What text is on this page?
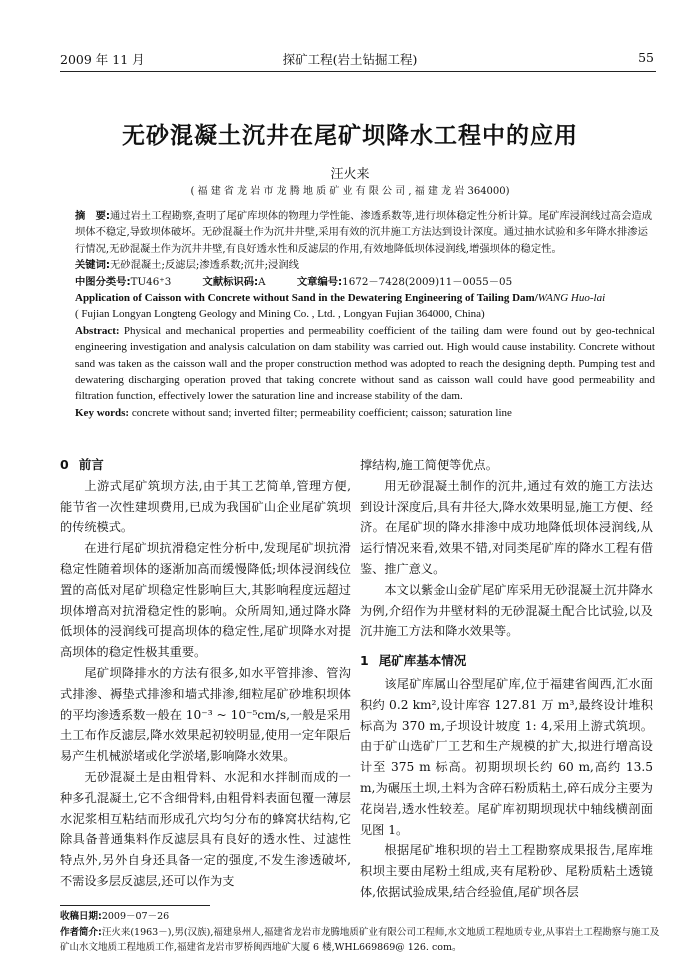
2009 年 11 月	探矿工程(岩土钻掘工程)	55
无砂混凝土沉井在尾矿坝降水工程中的应用
汪火来
( 福 建 省 龙 岩 市 龙 腾 地 质 矿 业 有 限 公 司 , 福 建 龙 岩 364000)

摘　要:通过岩土工程勘察,查明了尾矿库坝体的物理力学性能、渗透系数等,进行坝体稳定性分析计算。尾矿库浸润线过高会造成坝体不稳定,导致坝体破坏。无砂混凝土作为沉井井壁,采用有效的沉井施工方法达到设计深度。通过抽水试验和多年降水排渗运行情况,无砂混凝土作为沉井井壁,有良好透水性和反滤层的作用,有效地降低坝体浸润线,增强坝体的稳定性。

关键词:无砂混凝土;反滤层;渗透系数;沉井;浸润线

中图分类号:TU46⁺3	文献标识码:A	文章编号:1672－7428(2009)11－0055－05

Application of Caisson with Concrete without Sand in the Dewatering Engineering of Tailing Dam/WANG Huo-lai

( Fujian Longyan Longteng Geology and Mining Co. , Ltd. , Longyan Fujian 364000, China)

Abstract: Physical and mechanical properties and permeability coefficient of the tailing dam were found out by geo-technical engineering investigation and analysis calculation on dam stability was carried out. High would cause instability. Concrete without sand was taken as the caisson wall and the proper construction method was adopted to reach the designing depth. Pumping test and dewatering discharging operation proved that taking concrete without sand as caisson wall could have good permeability and filtration function, effectively lower the saturation line and increase stability of the dam.

Key words: concrete without sand; inverted filter; permeability coefficient; caisson; saturation line

0 前言

上游式尾矿筑坝方法,由于其工艺简单,管理方便,能节省一次性建坝费用,已成为我国矿山企业尾矿筑坝的传统模式。

在进行尾矿坝抗滑稳定性分析中,发现尾矿坝抗滑稳定性随着坝体的逐渐加高而缓慢降低;坝体浸润线位置的高低对尾矿坝稳定性影响巨大,其影响程度远超过坝体增高对抗滑稳定性的影响。众所周知,通过降水降低坝体的浸润线可提高坝体的稳定性,尾矿坝降水对提高坝体的稳定性极其重要。

尾矿坝降排水的方法有很多,如水平管排渗、管沟式排渗、褥垫式排渗和墙式排渗,细粒尾矿砂堆积坝体的平均渗透系数一般在 10⁻³ ~ 10⁻⁵cm/s,一般是采用土工布作反滤层,降水效果起初较明显,使用一定年限后易产生机械淤堵或化学淤堵,影响降水效果。

无砂混凝土是由粗骨料、水泥和水拌制而成的一种多孔混凝土,它不含细骨料,由粗骨料表面包覆一薄层水泥浆相互粘结而形成孔穴均匀分布的蜂窝状结构,它除具备普通集料作反滤层具有良好的透水性、过滤性特点外,另外自身还具备一定的强度,不发生渗透破坏,不需设多层反滤层,还可以作为支

撑结构,施工简便等优点。

用无砂混凝土制作的沉井,通过有效的施工方法达到设计深度后,具有井径大,降水效果明显,施工方便、经济。在尾矿坝的降水排渗中成功地降低坝体浸润线,从运行情况来看,效果不错,对同类尾矿库的降水工程有借鉴、推广意义。

本文以紫金山金矿尾矿库采用无砂混凝土沉井降水为例,介绍作为井壁材料的无砂混凝土配合比试验,以及沉井施工方法和降水效果等。

1 尾矿库基本情况

该尾矿库属山谷型尾矿库,位于福建省闽西,汇水面积约 0.2 km²,设计库容 127.81 万 m³,最终设计堆积标高为 370 m,子坝设计坡度 1: 4,采用上游式筑坝。由于矿山选矿厂工艺和生产规模的扩大,拟进行增高设计至 375 m 标高。初期坝坝长约 60 m,高约 13.5 m,为碾压土坝,土料为含碎石粉质粘土,碎石成分主要为花岗岩,透水性较差。尾矿库初期坝现状中轴线横剖面见图 1。

根据尾矿堆积坝的岩土工程勘察成果报告,尾库堆积坝主要由尾粉土组成,夹有尾粉砂、尾粉质粘土透镜体,依据试验成果,结合经验值,尾矿坝各层

收稿日期:2009－07－26

作者简介:汪火来(1963－),男(汉族),福建泉州人,福建省龙岩市龙腾地质矿业有限公司工程师,水文地质工程地质专业,从事岩土工程勘察与施工及矿山水文地质工程地质工作,福建省龙岩市罗桥闽西地矿大厦 6 楼,WHL669869@ 126. com。
